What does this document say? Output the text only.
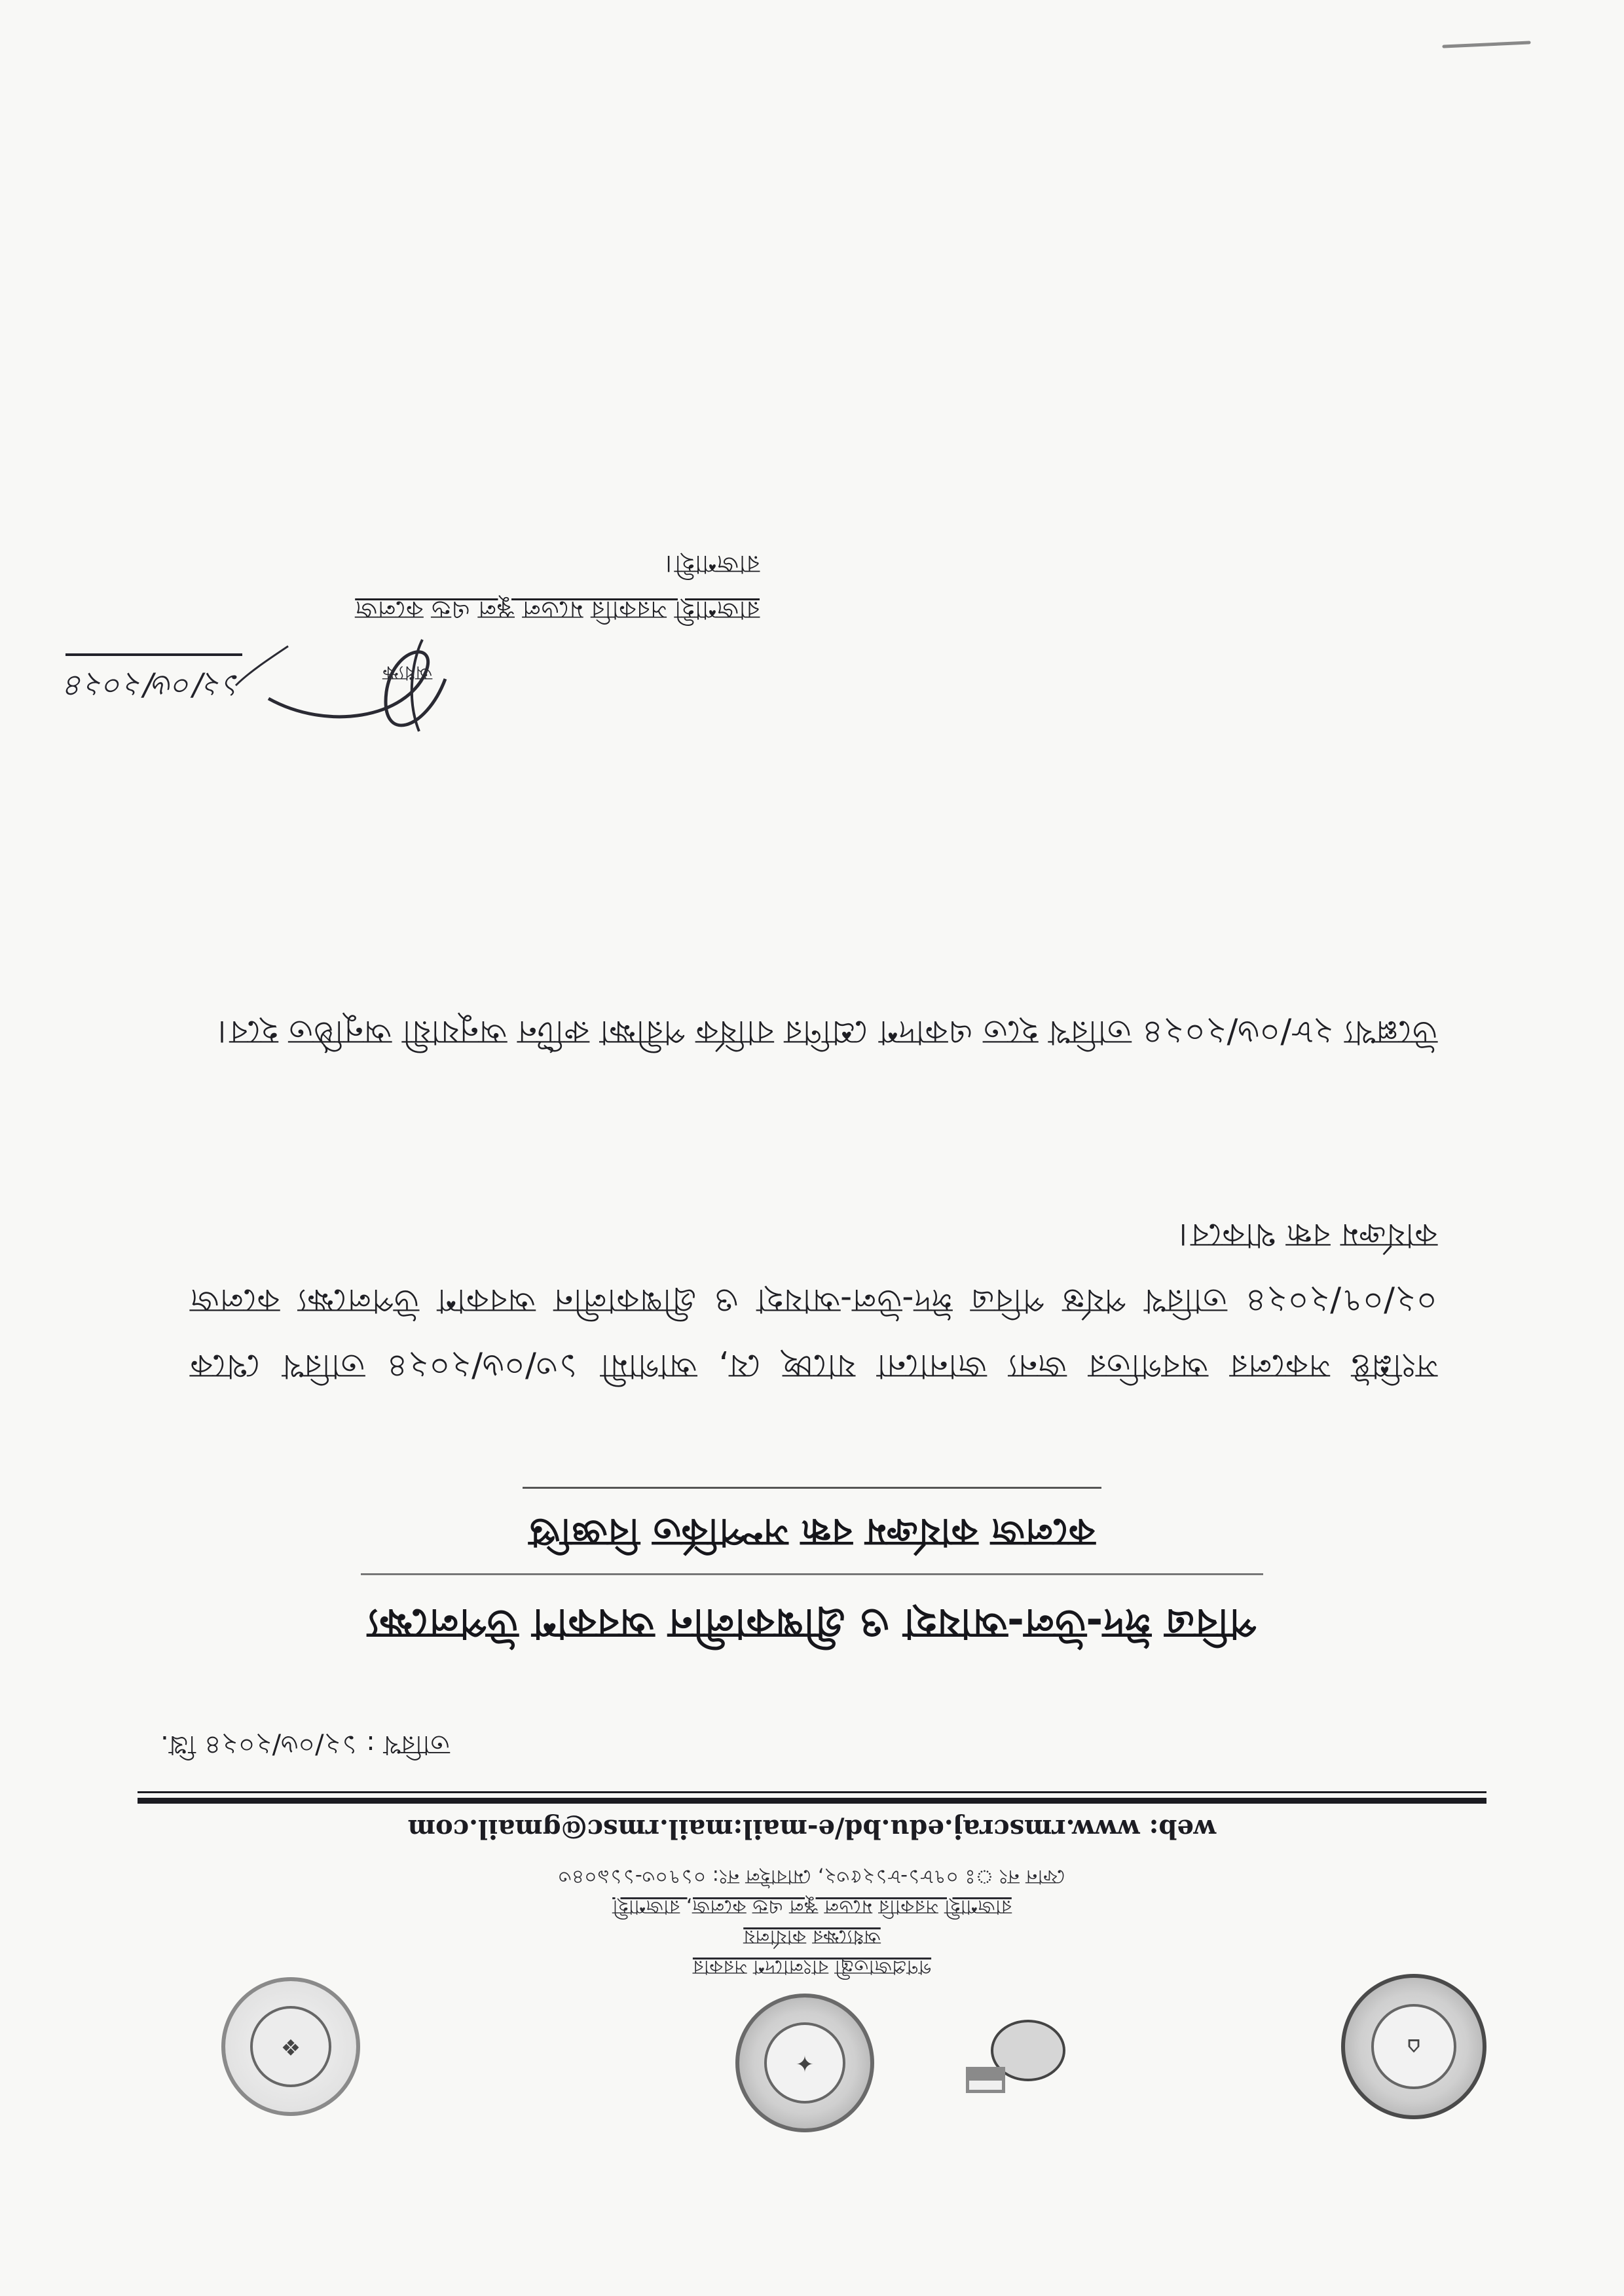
⌂
✦
❖
গণপ্রজাতন্ত্রী বাংলাদেশ সরকার
অধ্যক্ষের কার্যালয়
রাজশাহী সরকারি মডেল স্কুল এন্ড কলেজ, রাজশাহী
ফোন নং ঃ ০৭৮১-৮১২৫৩২, মোবাইল নং: ০১৭০৩-১১৯০৪৩
web: www.rmscraj.edu.bd/e-mail:mail.rmsc@gmail.com
তারিখ : ১২/০৬/২০২৪ খ্রি.
পবিত্র ঈদ-উল-আযহা ও গ্রীষ্মকালীন অবকাশ উপলক্ষ্যে
কলেজ কার্যক্রম বন্ধ সম্পর্কিত বিজ্ঞপ্তি
সংশ্লিষ্ট সকলের অবগতির জন্য জানানো যাচ্ছে যে, আগামী ১৩/০৬/২০২৪ তারিখ থেকে ০২/০৭/২০২৪ তারিখ পর্যন্ত পবিত্র ঈদ-উল-আযহা ও গ্রীষ্মকালীন অবকাশ উপলক্ষ্যে কলেজ কার্যক্রম বন্ধ থাকবে।
উল্লেখ্য ২৮/০৬/২০২৪ তারিখ হতে একাদশ শ্রেণির বার্ষিক পরীক্ষা রুটিন অনুযায়ী অনুষ্ঠিত হবে।
১২/০৬/২০২৪	অধ্যক্ষ
রাজশাহী সরকারি মডেল স্কুল এন্ড কলেজ
রাজশাহী।
